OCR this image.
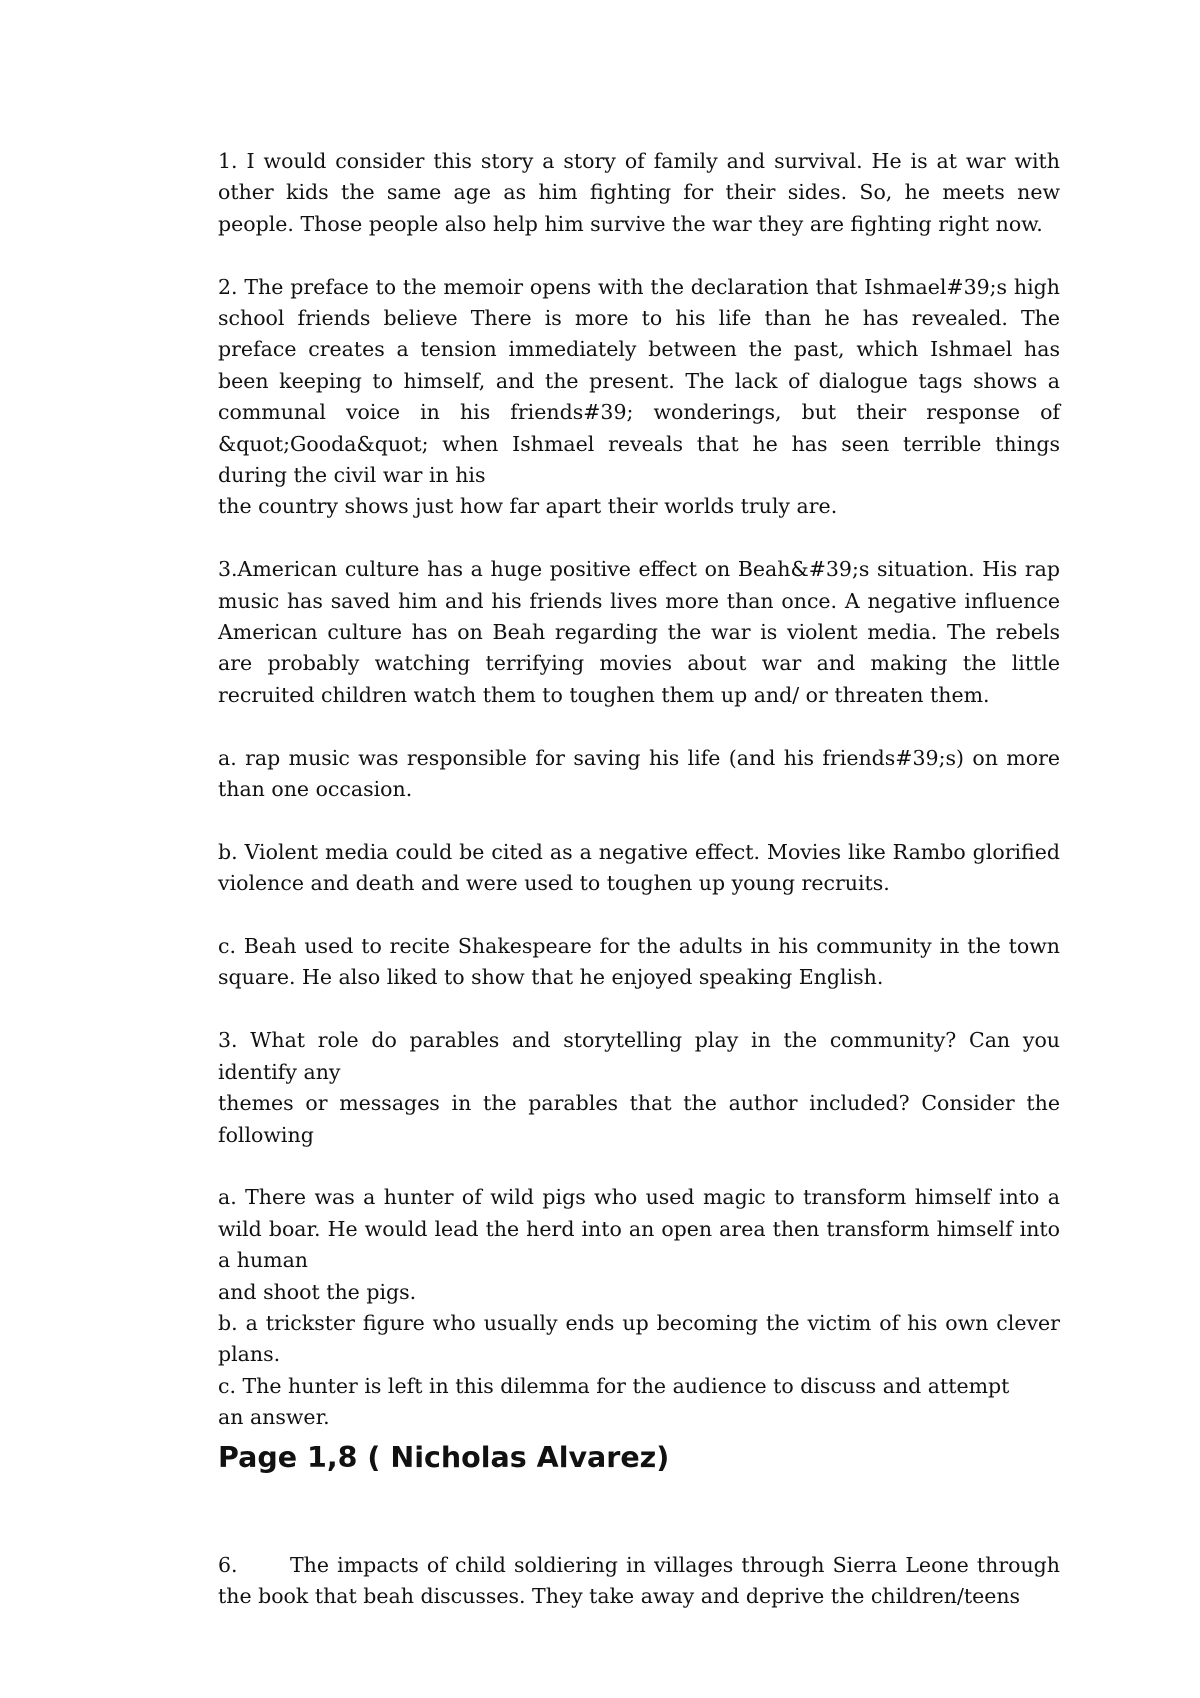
1. I would consider this story a story of family and survival. He is at war with other kids the same age as him fighting for their sides. So, he meets new people. Those people also help him survive the war they are fighting right now.

2. The preface to the memoir opens with the declaration that Ishmael#39;s high school friends believe There is more to his life than he has revealed. The preface creates a tension immediately between the past, which Ishmael has been keeping to himself, and the present. The lack of dialogue tags shows a communal voice in his friends#39; wonderings, but their response of &quot;Gooda&quot; when Ishmael reveals that he has seen terrible things during the civil war in his
the country shows just how far apart their worlds truly are.

3.American culture has a huge positive effect on Beah&#39;s situation. His rap music has saved him and his friends lives more than once. A negative influence American culture has on Beah regarding the war is violent media. The rebels are probably watching terrifying movies about war and making the little recruited children watch them to toughen them up and/ or threaten them.

a. rap music was responsible for saving his life (and his friends#39;s) on more than one occasion.

b. Violent media could be cited as a negative effect. Movies like Rambo glorified violence and death and were used to toughen up young recruits.

c. Beah used to recite Shakespeare for the adults in his community in the town square. He also liked to show that he enjoyed speaking English.

3. What role do parables and storytelling play in the community? Can you
identify any
themes or messages in the parables that the author included? Consider the
following
a. There was a hunter of wild pigs who used magic to transform himself into a wild boar. He would lead the herd into an open area then transform himself into a human
and shoot the pigs.
b. a trickster figure who usually ends up becoming the victim of his own clever plans.
c. The hunter is left in this dilemma for the audience to discuss and attempt
an answer.
Page 1,8 ( Nicholas Alvarez)

6.	The impacts of child soldiering in villages through Sierra Leone through the book that beah discusses. They take away and deprive the children/teens
